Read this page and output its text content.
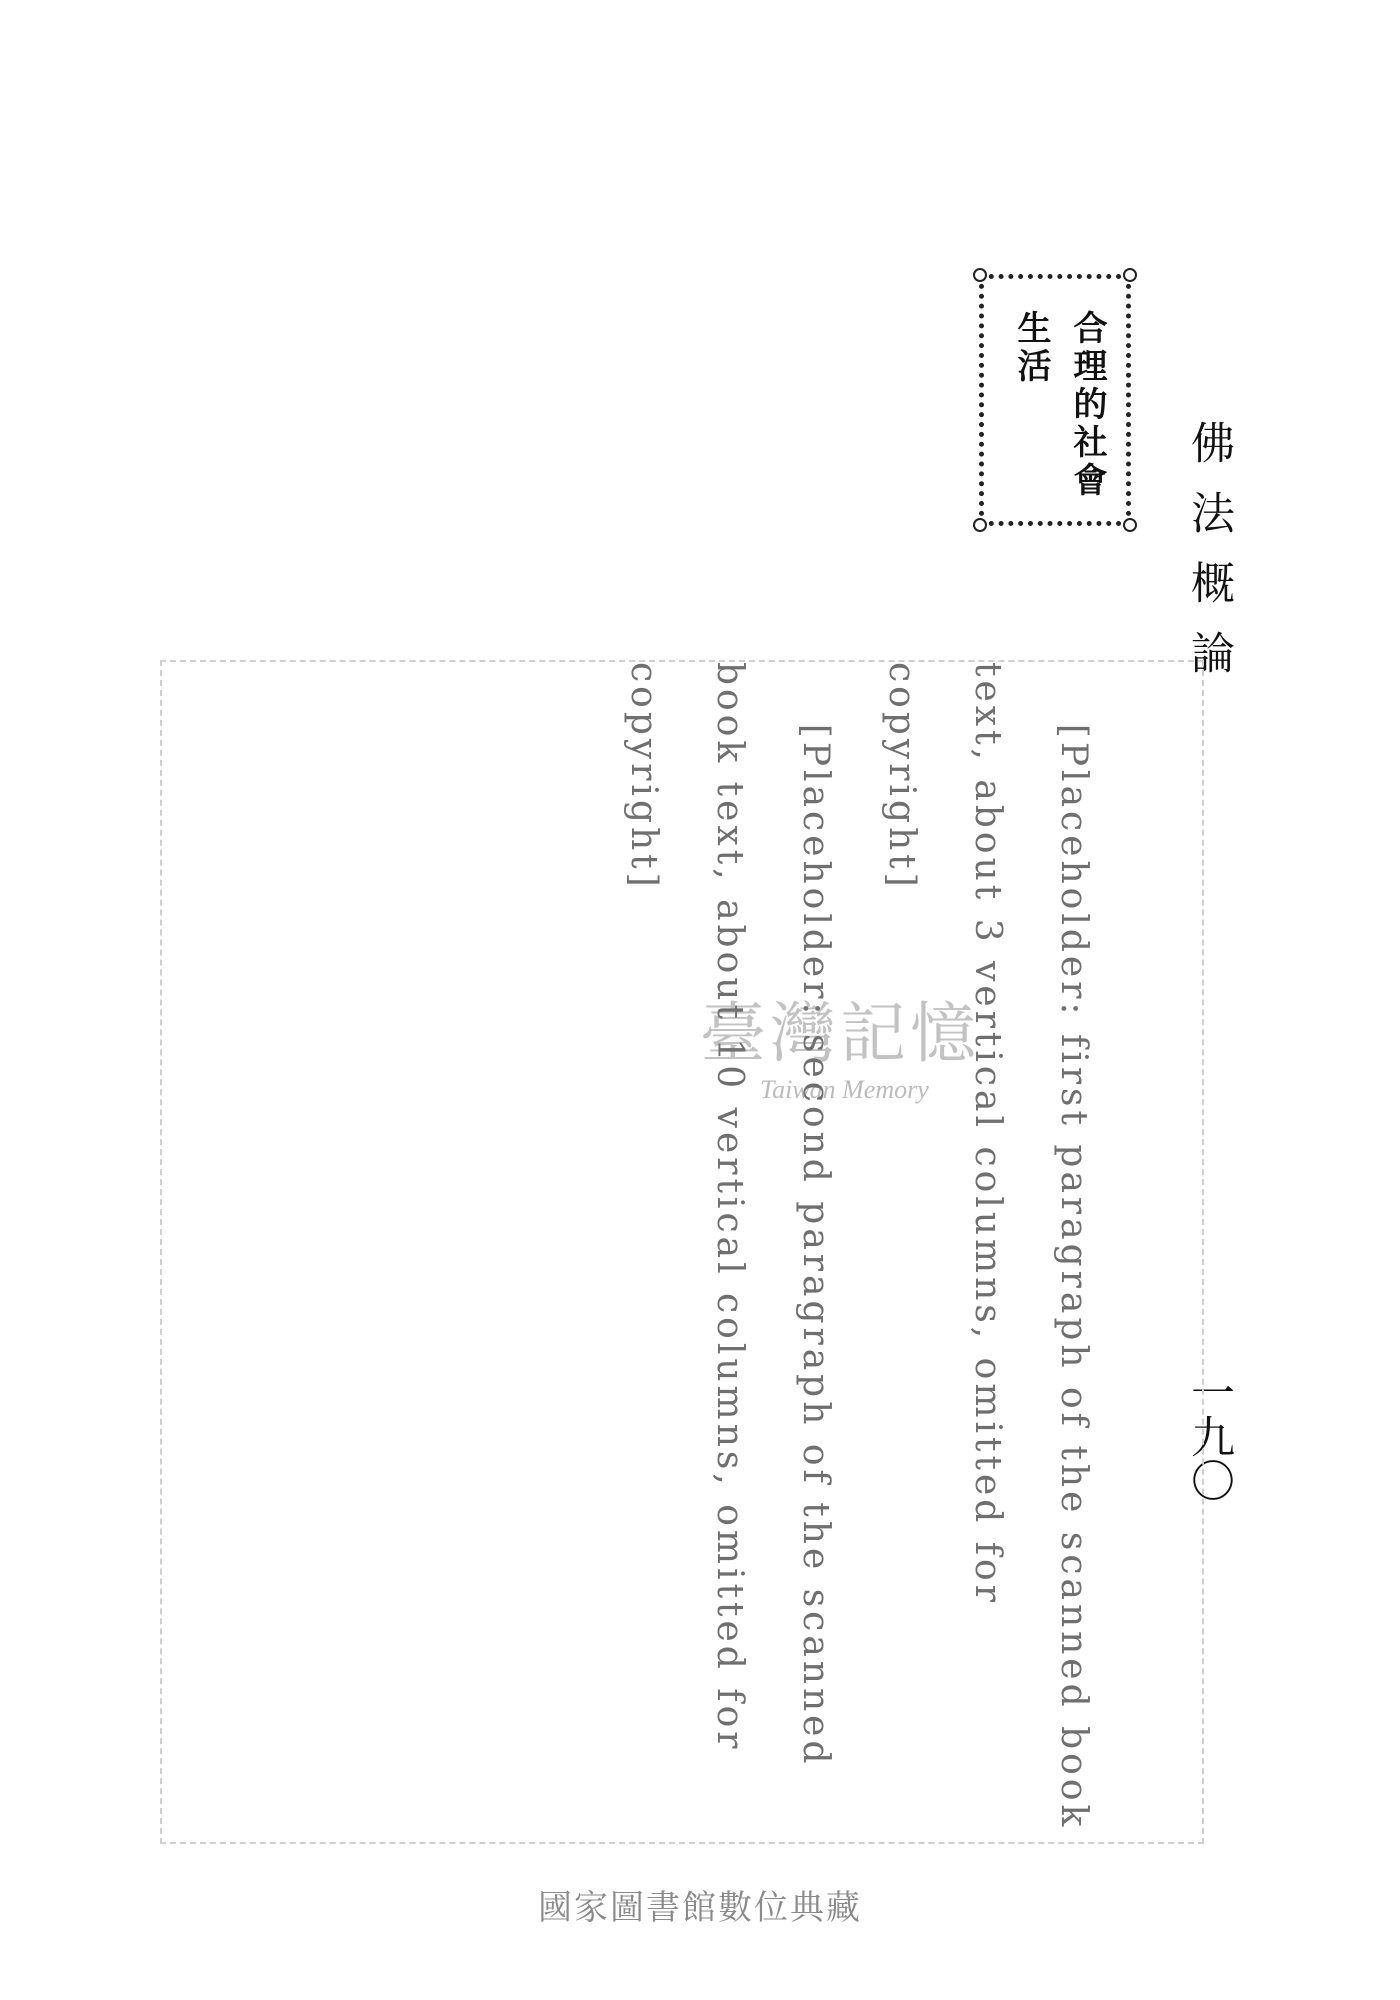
佛法概論
一九〇
合理的社會生活

[Placeholder: first paragraph of the scanned book text, about 3 vertical columns, omitted for copyright]
[Placeholder: second paragraph of the scanned book text, about 10 vertical columns, omitted for copyright]

臺灣記憶
Taiwan Memory
國家圖書館數位典藏
